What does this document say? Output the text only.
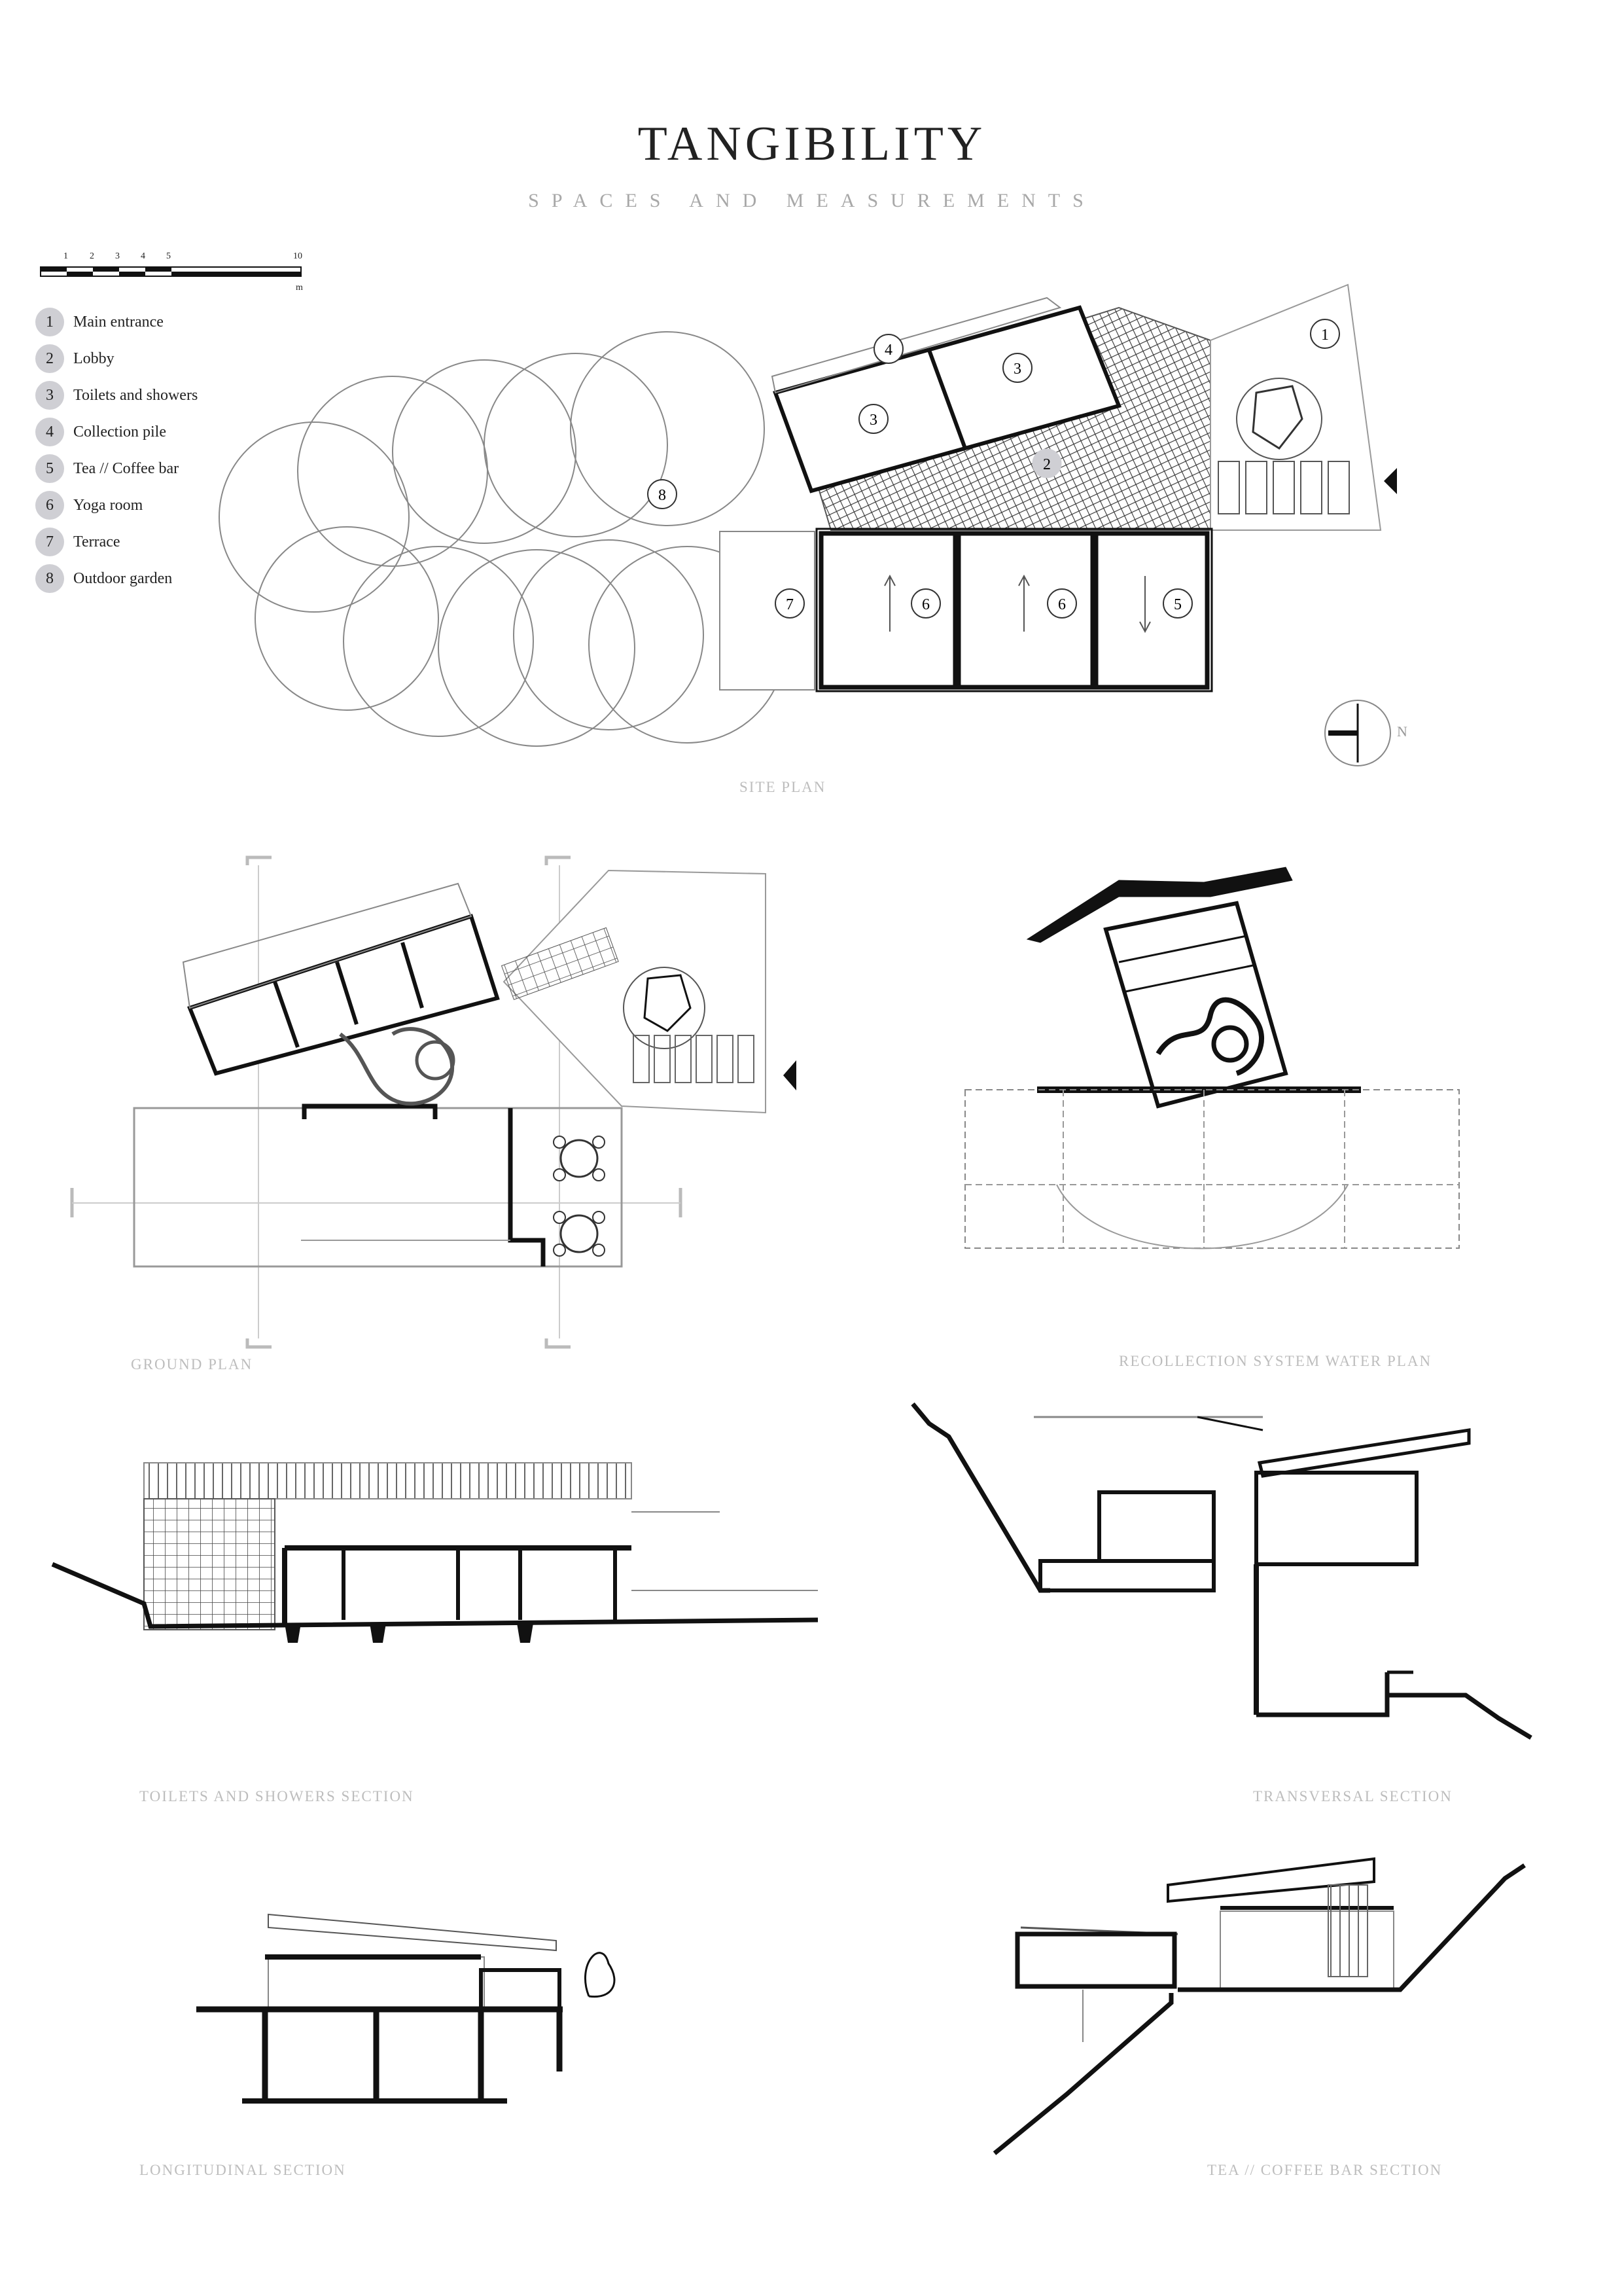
TANGIBILITY
SPACES AND MEASUREMENTS
1 2 3 4 5	10
m
1	Main entrance
2	Lobby
3	Toilets and showers
4	Collection pile
5	Tea // Coffee bar
6	Yoga room
7	Terrace
8	Outdoor garden
1
2
3
3
4
5
6	6
7
8
N
SITE PLAN
GROUND PLAN	RECOLLECTION SYSTEM WATER PLAN
TOILETS AND SHOWERS SECTION	TRANSVERSAL SECTION
LONGITUDINAL SECTION	TEA // COFFEE BAR SECTION
